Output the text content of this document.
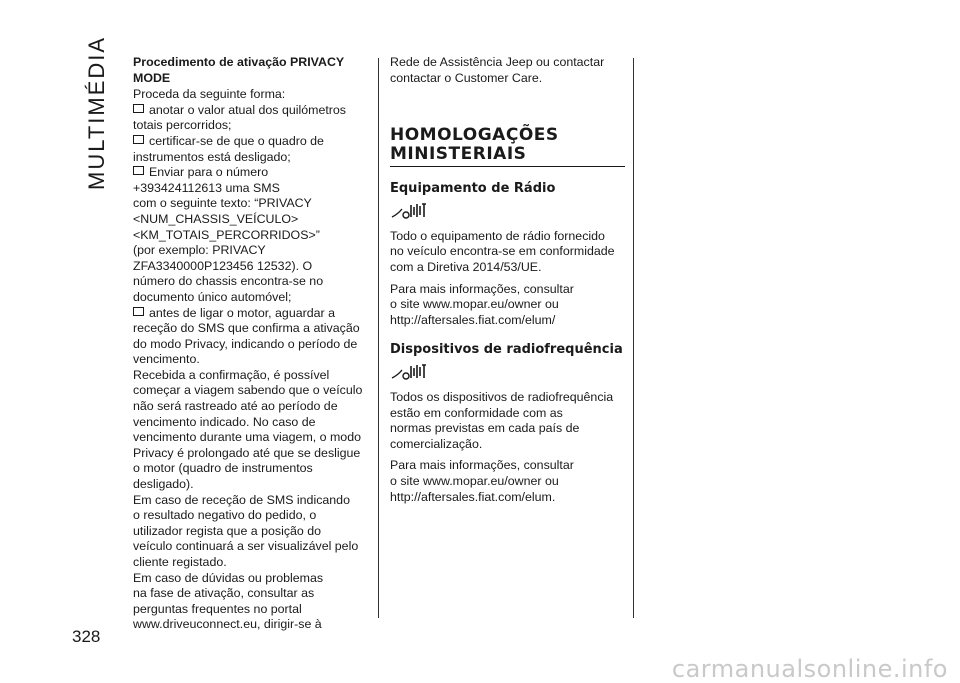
MULTIMÉDIA
328
Procedimento de ativação PRIVACY MODE

Proceda da seguinte forma:

anotar o valor atual dos quilómetros
totais percorridos;
certificar-se de que o quadro de
instrumentos está desligado;
Enviar para o número
+393424112613 uma SMS
com o seguinte texto: “PRIVACY
<NUM_CHASSIS_VEÍCULO>
<KM_TOTAIS_PERCORRIDOS>”
(por exemplo: PRIVACY
ZFA3340000P123456 12532). O
número do chassis encontra-se no
documento único automóvel;
antes de ligar o motor, aguardar a
receção do SMS que confirma a ativação
do modo Privacy, indicando o período de
vencimento.
Recebida a confirmação, é possível
começar a viagem sabendo que o veículo
não será rastreado até ao período de
vencimento indicado. No caso de
vencimento durante uma viagem, o modo
Privacy é prolongado até que se desligue
o motor (quadro de instrumentos
desligado).
Em caso de receção de SMS indicando
o resultado negativo do pedido, o
utilizador regista que a posição do
veículo continuará a ser visualizável pelo
cliente registado.
Em caso de dúvidas ou problemas
na fase de ativação, consultar as
perguntas frequentes no portal
www.driveuconnect.eu, dirigir-se à
Rede de Assistência Jeep ou contactar
contactar o Customer Care.
HOMOLOGAÇÕES
MINISTERIAIS
Equipamento de Rádio
Todo o equipamento de rádio fornecido
no veículo encontra-se em conformidade
com a Diretiva 2014/53/UE.
Para mais informações, consultar
o site www.mopar.eu/owner ou
http://aftersales.fiat.com/elum/
Dispositivos de radiofrequência
Todos os dispositivos de radiofrequência
estão em conformidade com as
normas previstas em cada país de
comercialização.
Para mais informações, consultar
o site www.mopar.eu/owner ou
http://aftersales.fiat.com/elum.
carmanualsonline.info
